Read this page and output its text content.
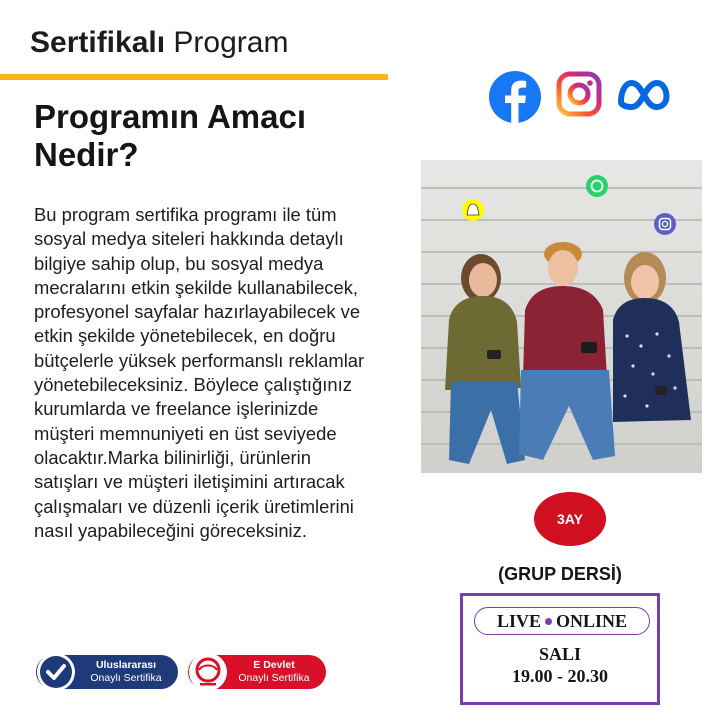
Sertifikalı Program
Programın Amacı Nedir?
Bu program sertifika programı ile tüm sosyal medya siteleri hakkında detaylı bilgiye sahip olup, bu sosyal medya mecralarını etkin şekilde kullanabilecek, profesyonel sayfalar hazırlayabilecek ve etkin şekilde yönetebilecek, en doğru bütçelerle yüksek performanslı reklamlar yönetebileceksiniz. Böylece çalıştığınız kurumlarda ve freelance işlerinizde müşteri memnuniyeti en üst seviyede olacaktır.Marka bilinirliği, ürünlerin satışları ve müşteri iletişimini artıracak çalışmaları ve düzenli içerik üretimlerini nasıl yapabileceğini göreceksiniz.
3AY
(GRUP DERSİ)
LIVE ONLINE
SALI
19.00 - 20.30
Uluslararası
Onaylı Sertifika
E Devlet
Onaylı Sertifika
